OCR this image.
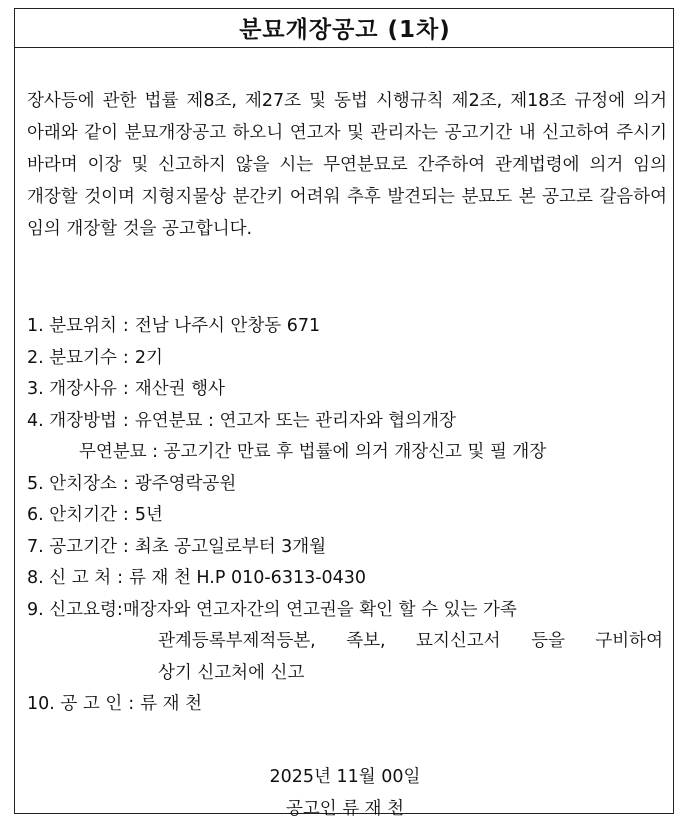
분묘개장공고 (1차)
장사등에 관한 법률 제8조, 제27조 및 동법 시행규칙 제2조, 제18조 규정에 의거 아래와 같이 분묘개장공고 하오니 연고자 및 관리자는 공고기간 내 신고하여 주시기 바라며 이장 및 신고하지 않을 시는 무연분묘로 간주하여 관계법령에 의거 임의 개장할 것이며 지형지물상 분간키 어려워 추후 발견되는 분묘도 본 공고로 갈음하여 임의 개장할 것을 공고합니다.
1.
분묘위치 : 전남 나주시 안창동 671
2.
분묘기수 : 2기
3.
개장사유 : 재산권 행사
4.
개장방법 : 유연분묘 : 연고자 또는 관리자와 협의개장
무연분묘 : 공고기간 만료 후 법률에 의거 개장신고 및 필 개장
5.
안치장소 : 광주영락공원
6.
안치기간 : 5년
7.
공고기간 : 최초 공고일로부터 3개월
8.
신 고 처 : 류 재 천 H.P 010-6313-0430
9.
신고요령 : 매장자와 연고자간의 연고권을 확인 할 수 있는 가족
관계등록부제적등본, 족보, 묘지신고서 등을 구비하여
상기 신고처에 신고
10.
공 고 인 : 류 재 천
2025년 11월 00일
공고인 류 재 천
